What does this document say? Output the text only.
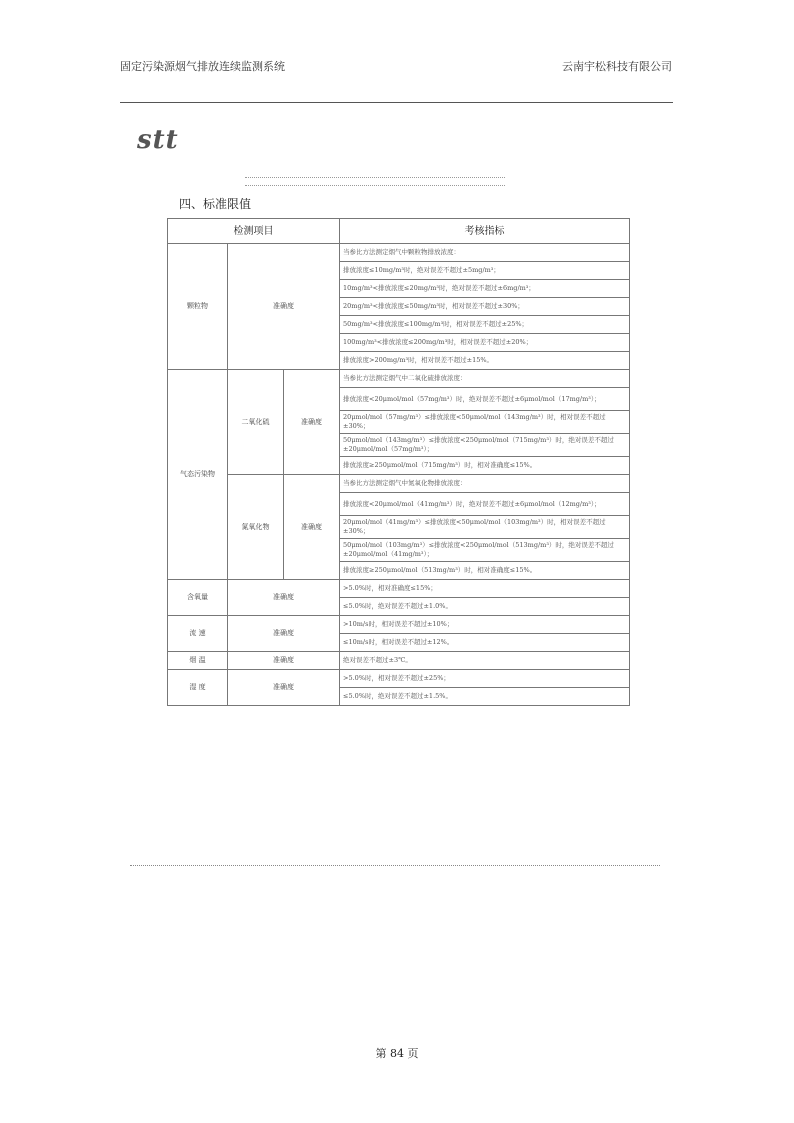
固定污染源烟气排放连续监测系统	云南宇松科技有限公司
stt
四、标准限值
检测项目			考核指标
颗粒物	准确度		当参比方法测定烟气中颗粒物排放浓度：
			排放浓度≤10mg/m³时，绝对误差不超过±5mg/m³；
			10mg/m³<排放浓度≤20mg/m³时，绝对误差不超过±6mg/m³；
			20mg/m³<排放浓度≤50mg/m³时，相对误差不超过±30%；
			50mg/m³<排放浓度≤100mg/m³时，相对误差不超过±25%；
			100mg/m³<排放浓度≤200mg/m³时，相对误差不超过±20%；
			排放浓度>200mg/m³时，相对误差不超过±15%。
气态污染物	二氧化硫	准确度	当参比方法测定烟气中二氧化硫排放浓度：
			排放浓度<20μmol/mol（57mg/m³）时，绝对误差不超过±6μmol/mol（17mg/m³）；
			20μmol/mol（57mg/m³）≤排放浓度<50μmol/mol（143mg/m³）时，相对误差不超过±30%；
			50μmol/mol（143mg/m³）≤排放浓度<250μmol/mol（715mg/m³）时，绝对误差不超过±20μmol/mol（57mg/m³）；
			排放浓度≥250μmol/mol（715mg/m³）时，相对准确度≤15%。
	氮氧化物	准确度	当参比方法测定烟气中氮氧化物排放浓度：
			排放浓度<20μmol/mol（41mg/m³）时，绝对误差不超过±6μmol/mol（12mg/m³）；
			20μmol/mol（41mg/m³）≤排放浓度<50μmol/mol（103mg/m³）时，相对误差不超过±30%；
			50μmol/mol（103mg/m³）≤排放浓度<250μmol/mol（513mg/m³）时，绝对误差不超过±20μmol/mol（41mg/m³）；
			排放浓度≥250μmol/mol（513mg/m³）时，相对准确度≤15%。
含氧量	准确度		>5.0%时，相对准确度≤15%；
			≤5.0%时，绝对误差不超过±1.0%。
流 速	准确度		>10m/s时，相对误差不超过±10%；
			≤10m/s时，相对误差不超过±12%。
烟 温	准确度		绝对误差不超过±3℃。
湿 度	准确度		>5.0%时，相对误差不超过±25%；
			≤5.0%时，绝对误差不超过±1.5%。
第 84 页
